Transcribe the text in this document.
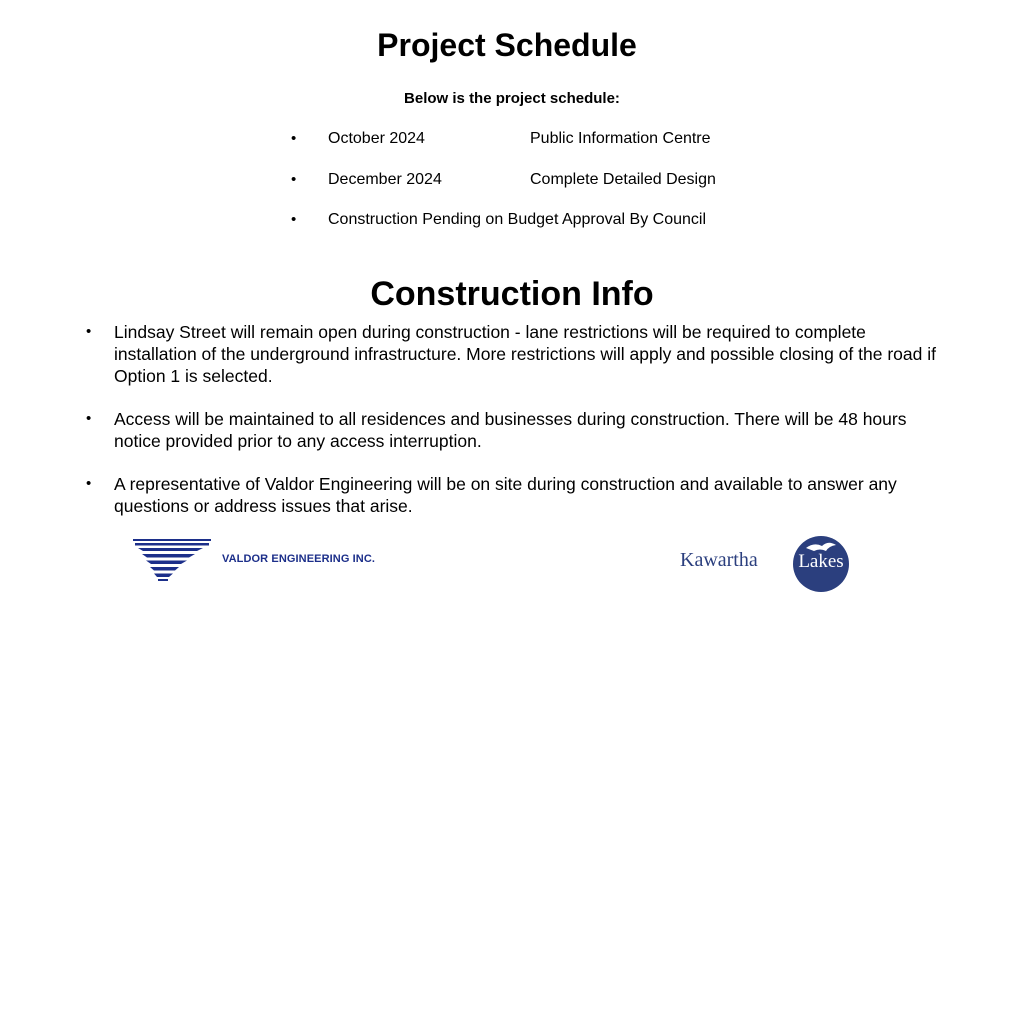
Project Schedule
Below is the project schedule:
• October 2024	Public Information Centre
• December 2024	Complete Detailed Design
• Construction Pending on Budget Approval By Council
Construction Info
• Lindsay Street will remain open during construction - lane restrictions will be required to complete installation of the underground infrastructure. More restrictions will apply and possible closing of the road if Option 1 is selected.
• Access will be maintained to all residences and businesses during construction. There will be 48 hours notice provided prior to any access interruption.
• A representative of Valdor Engineering will be on site during construction and available to answer any questions or address issues that arise.
VALDOR ENGINEERING INC.	Kawartha Lakes
